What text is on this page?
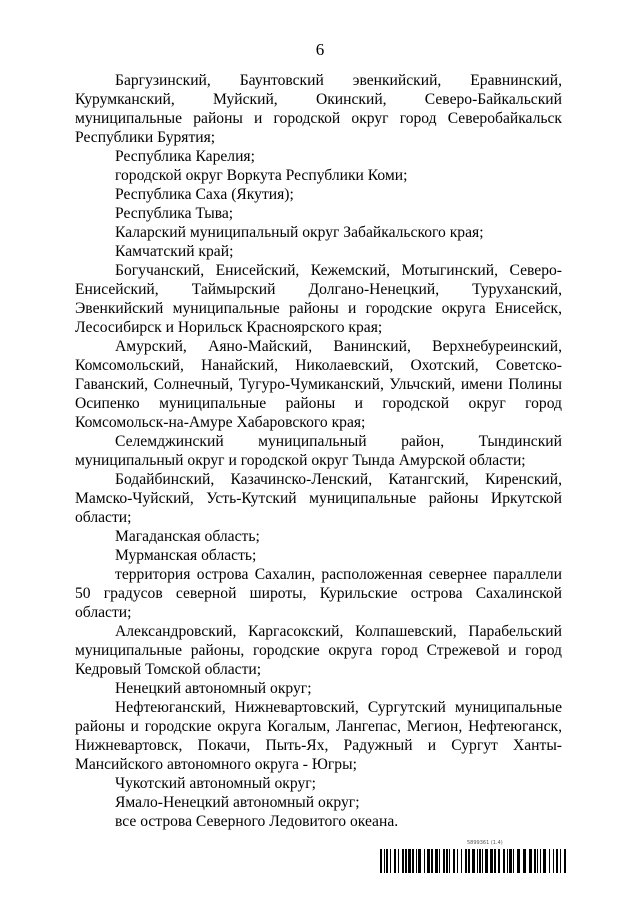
6

Баргузинский, Баунтовский эвенкийский, Еравнинский, Курумканский, Муйский, Окинский, Северо-Байкальский муниципальные районы и городской округ город Северобайкальск Республики Бурятия;

Республика Карелия;

городской округ Воркута Республики Коми;

Республика Саха (Якутия);

Республика Тыва;

Каларский муниципальный округ Забайкальского края;

Камчатский край;

Богучанский, Енисейский, Кежемский, Мотыгинский, Северо-Енисейский, Таймырский Долгано-Ненецкий, Туруханский, Эвенкийский муниципальные районы и городские округа Енисейск, Лесосибирск и Норильск Красноярского края;

Амурский, Аяно-Майский, Ванинский, Верхнебуреинский, Комсомольский, Нанайский, Николаевский, Охотский, Советско-Гаванский, Солнечный, Тугуро-Чумиканский, Ульчский, имени Полины Осипенко муниципальные районы и городской округ город Комсомольск-на-Амуре Хабаровского края;

Селемджинский муниципальный район, Тындинский муниципальный округ и городской округ Тында Амурской области;

Бодайбинский, Казачинско-Ленский, Катангский, Киренский, Мамско-Чуйский, Усть-Кутский муниципальные районы Иркутской области;

Магаданская область;

Мурманская область;

территория острова Сахалин, расположенная севернее параллели 50 градусов северной широты, Курильские острова Сахалинской области;

Александровский, Каргасокский, Колпашевский, Парабельский муниципальные районы, городские округа город Стрежевой и город Кедровый Томской области;

Ненецкий автономный округ;

Нефтеюганский, Нижневартовский, Сургутский муниципальные районы и городские округа Когалым, Лангепас, Мегион, Нефтеюганск, Нижневартовск, Покачи, Пыть-Ях, Радужный и Сургут Ханты-Мансийского автономного округа - Югры;

Чукотский автономный округ;

Ямало-Ненецкий автономный округ;

все острова Северного Ледовитого океана.

5899361 (1.4)
